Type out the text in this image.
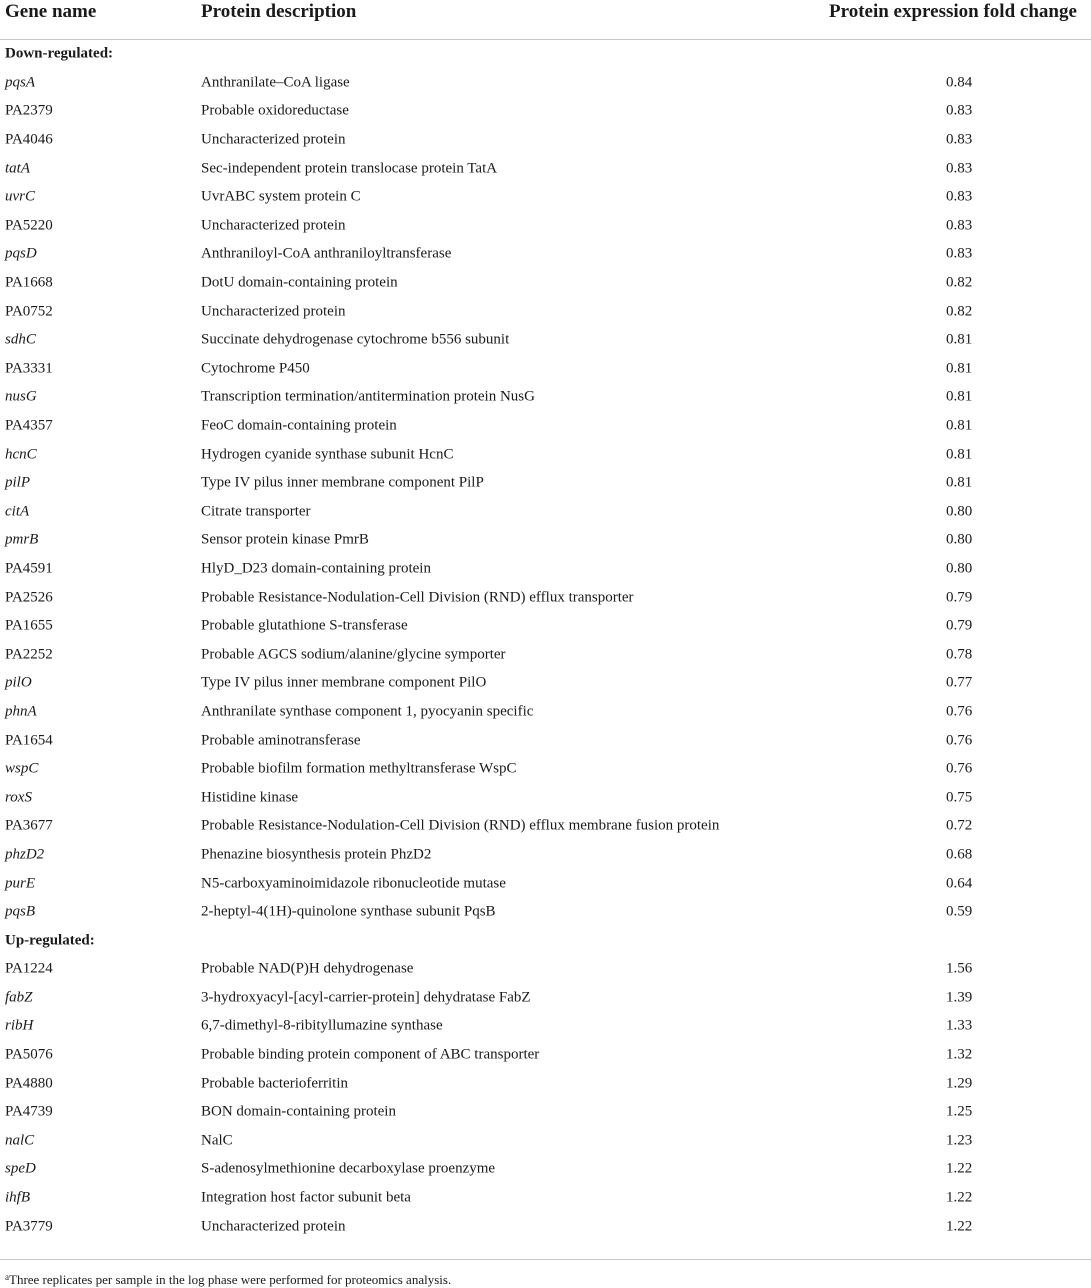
Gene name	Protein description	Protein expression fold change
Down-regulated:
pqsA	Anthranilate–CoA ligase	0.84
PA2379	Probable oxidoreductase	0.83
PA4046	Uncharacterized protein	0.83
tatA	Sec-independent protein translocase protein TatA	0.83
uvrC	UvrABC system protein C	0.83
PA5220	Uncharacterized protein	0.83
pqsD	Anthraniloyl-CoA anthraniloyltransferase	0.83
PA1668	DotU domain-containing protein	0.82
PA0752	Uncharacterized protein	0.82
sdhC	Succinate dehydrogenase cytochrome b556 subunit	0.81
PA3331	Cytochrome P450	0.81
nusG	Transcription termination/antitermination protein NusG	0.81
PA4357	FeoC domain-containing protein	0.81
hcnC	Hydrogen cyanide synthase subunit HcnC	0.81
pilP	Type IV pilus inner membrane component PilP	0.81
citA	Citrate transporter	0.80
pmrB	Sensor protein kinase PmrB	0.80
PA4591	HlyD_D23 domain-containing protein	0.80
PA2526	Probable Resistance-Nodulation-Cell Division (RND) efflux transporter	0.79
PA1655	Probable glutathione S-transferase	0.79
PA2252	Probable AGCS sodium/alanine/glycine symporter	0.78
pilO	Type IV pilus inner membrane component PilO	0.77
phnA	Anthranilate synthase component 1, pyocyanin specific	0.76
PA1654	Probable aminotransferase	0.76
wspC	Probable biofilm formation methyltransferase WspC	0.76
roxS	Histidine kinase	0.75
PA3677	Probable Resistance-Nodulation-Cell Division (RND) efflux membrane fusion protein	0.72
phzD2	Phenazine biosynthesis protein PhzD2	0.68
purE	N5-carboxyaminoimidazole ribonucleotide mutase	0.64
pqsB	2-heptyl-4(1H)-quinolone synthase subunit PqsB	0.59
Up-regulated:
PA1224	Probable NAD(P)H dehydrogenase	1.56
fabZ	3-hydroxyacyl-[acyl-carrier-protein] dehydratase FabZ	1.39
ribH	6,7-dimethyl-8-ribityllumazine synthase	1.33
PA5076	Probable binding protein component of ABC transporter	1.32
PA4880	Probable bacterioferritin	1.29
PA4739	BON domain-containing protein	1.25
nalC	NalC	1.23
speD	S-adenosylmethionine decarboxylase proenzyme	1.22
ihfB	Integration host factor subunit beta	1.22
PA3779	Uncharacterized protein	1.22
$^a$Three replicates per sample in the log phase were performed for proteomics analysis.
